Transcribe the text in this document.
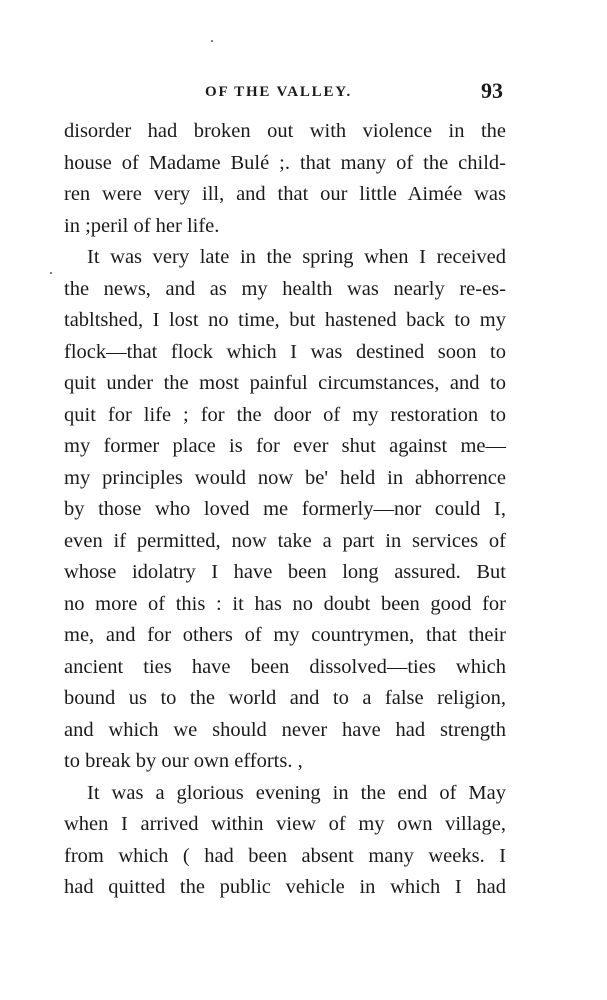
OF THE VALLEY.	93
disorder had broken out with violence in the
house of Madame Bulé ;. that many of the child-
ren were very ill, and that our little Aimée was
in ;peril of her life.
It was very late in the spring when I received
the news, and as my health was nearly re-es-
tabltshed, I lost no time, but hastened back to my
flock—that flock which I was destined soon to
quit under the most painful circumstances, and to
quit for life ; for the door of my restoration to
my former place is for ever shut against me—
my principles would now be' held in abhorrence
by those who loved me formerly—nor could I,
even if permitted, now take a part in services of
whose idolatry I have been long assured. But
no more of this : it has no doubt been good for
me, and for others of my countrymen, that their
ancient ties have been dissolved—ties which
bound us to the world and to a false religion,
and which we should never have had strength
to break by our own efforts. ,
It was a glorious evening in the end of May
when I arrived within view of my own village,
from which ( had been absent many weeks. I
had quitted the public vehicle in which I had
